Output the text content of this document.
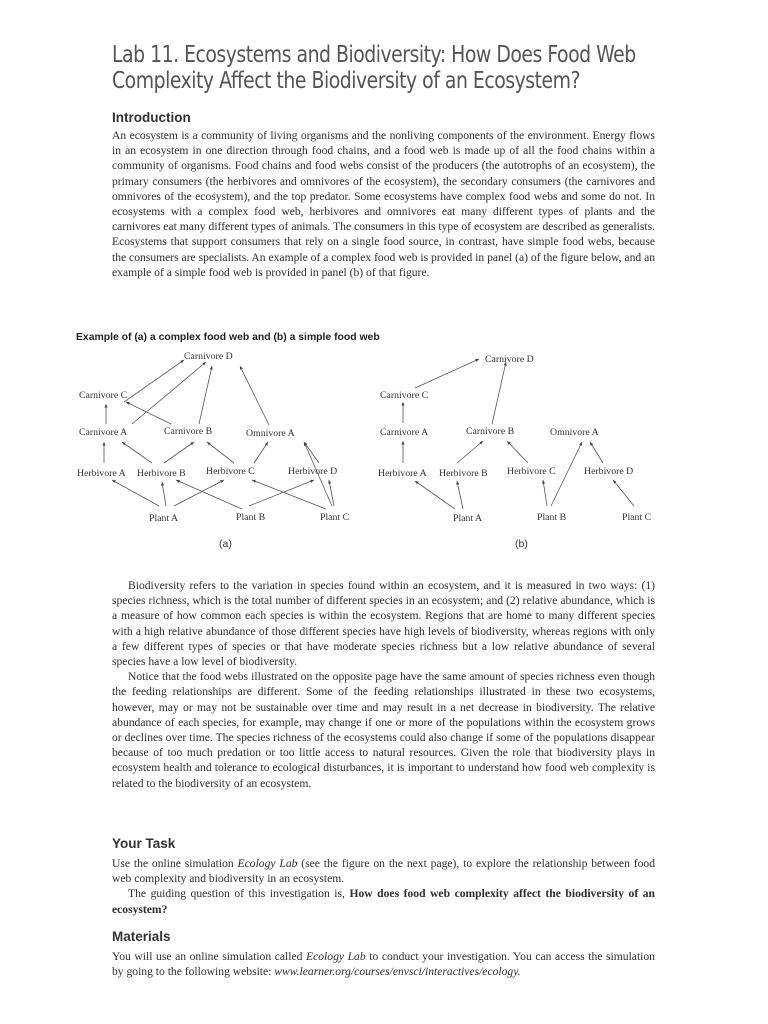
Lab 11. Ecosystems and Biodiversity: How Does Food Web Complexity Affect the Biodiversity of an Ecosystem?
Introduction

An ecosystem is a community of living organisms and the nonliving components of the environment. Energy flows in an ecosystem in one direction through food chains, and a food web is made up of all the food chains within a community of organisms. Food chains and food webs consist of the producers (the autotrophs of an ecosystem), the primary consumers (the herbivores and omnivores of the ecosystem), the secondary consumers (the carnivores and omnivores of the ecosystem), and the top predator. Some ecosystems have complex food webs and some do not. In ecosystems with a complex food web, herbivores and omnivores eat many different types of plants and the carnivores eat many different types of animals. The consumers in this type of ecosystem are described as generalists. Ecosystems that support consumers that rely on a single food source, in contrast, have simple food webs, because the consumers are specialists. An example of a complex food web is provided in panel (a) of the figure below, and an example of a simple food web is provided in panel (b) of that figure.

Example of (a) a complex food web and (b) a simple food web
Carnivore D
Carnivore C
Carnivore A	Carnivore B	Omnivore A
Herbivore A Herbivore B Herbivore C	Herbivore D
Plant A	Plant B	Plant C
Carnivore D
Carnivore C
Carnivore A	Carnivore B	Omnivore A
Herbivore A Herbivore B Herbivore C	Herbivore D
Plant A	Plant B	Plant C
(a)	(b)

Biodiversity refers to the variation in species found within an ecosystem, and it is measured in two ways: (1) species richness, which is the total number of different species in an ecosystem; and (2) relative abundance, which is a measure of how common each species is within the ecosystem. Regions that are home to many different species with a high relative abundance of those different species have high levels of biodiversity, whereas regions with only a few different types of species or that have moderate species richness but a low relative abundance of several species have a low level of biodiversity.

Notice that the food webs illustrated on the opposite page have the same amount of species richness even though the feeding relationships are different. Some of the feeding relationships illustrated in these two ecosystems, however, may or may not be sustainable over time and may result in a net decrease in biodiversity. The relative abundance of each species, for example, may change if one or more of the populations within the ecosystem grows or declines over time. The species richness of the ecosystems could also change if some of the populations disappear because of too much predation or too little access to natural resources. Given the role that biodiversity plays in ecosystem health and tolerance to ecological disturbances, it is important to understand how food web complexity is related to the biodiversity of an ecosystem.

Your Task

Use the online simulation Ecology Lab (see the figure on the next page), to explore the relationship between food web complexity and biodiversity in an ecosystem.

The guiding question of this investigation is, How does food web complexity affect the biodiversity of an ecosystem?

Materials

You will use an online simulation called Ecology Lab to conduct your investigation. You can access the simulation by going to the following website: www.learner.org/courses/envsci/interactives/ecology.
